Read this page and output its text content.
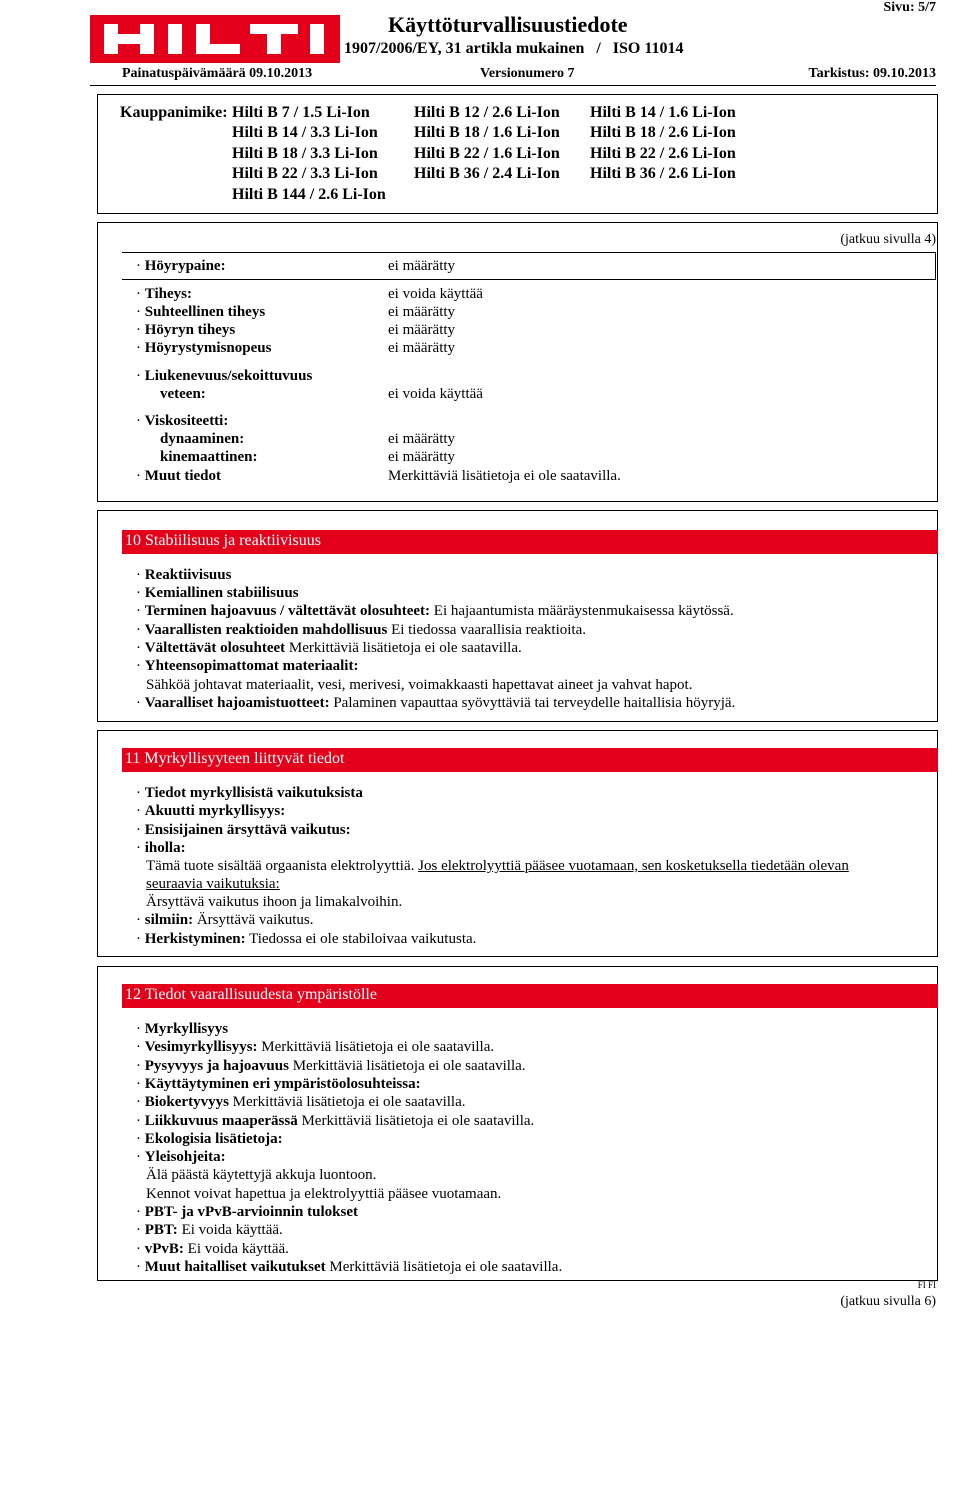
Käyttöturvallisuustiedote
1907/2006/EY, 31 artikla mukainen   /   ISO 11014
Sivu: 5/7
Painatuspäivämäärä 09.10.2013	Versionumero 7	Tarkistus: 09.10.2013
Kauppanimike: Hilti B 7 / 1.5 Li-Ion	Hilti B 12 / 2.6 Li-Ion Hilti B 14 / 1.6 Li-Ion
Hilti B 14 / 3.3 Li-Ion Hilti B 18 / 1.6 Li-Ion Hilti B 18 / 2.6 Li-Ion
Hilti B 18 / 3.3 Li-Ion Hilti B 22 / 1.6 Li-Ion Hilti B 22 / 2.6 Li-Ion
Hilti B 22 / 3.3 Li-Ion Hilti B 36 / 2.4 Li-Ion Hilti B 36 / 2.6 Li-Ion
Hilti B 144 / 2.6 Li-Ion
(jatkuu sivulla 4)
· Höyrypaine:	ei määrätty
· Tiheys:	ei voida käyttää
· Suhteellinen tiheys	ei määrätty
· Höyryn tiheys	ei määrätty
· Höyrystymisnopeus	ei määrätty
· Liukenevuus/sekoittuvuus
veteen:	ei voida käyttää
· Viskositeetti:
dynaaminen:	ei määrätty
kinemaattinen:	ei määrätty
· Muut tiedot	Merkittäviä lisätietoja ei ole saatavilla.
10 Stabiilisuus ja reaktiivisuus
· Reaktiivisuus
· Kemiallinen stabiilisuus
· Terminen hajoavuus / vältettävät olosuhteet: Ei hajaantumista määräystenmukaisessa käytössä.
· Vaarallisten reaktioiden mahdollisuus Ei tiedossa vaarallisia reaktioita.
· Vältettävät olosuhteet Merkittäviä lisätietoja ei ole saatavilla.
· Yhteensopimattomat materiaalit:
Sähköä johtavat materiaalit, vesi, merivesi, voimakkaasti hapettavat aineet ja vahvat hapot.
· Vaaralliset hajoamistuotteet: Palaminen vapauttaa syövyttäviä tai terveydelle haitallisia höyryjä.
11 Myrkyllisyyteen liittyvät tiedot
· Tiedot myrkyllisistä vaikutuksista
· Akuutti myrkyllisyys:
· Ensisijainen ärsyttävä vaikutus:
· iholla:
Tämä tuote sisältää orgaanista elektrolyyttiä. Jos elektrolyyttiä pääsee vuotamaan, sen kosketuksella tiedetään olevan
seuraavia vaikutuksia:
Ärsyttävä vaikutus ihoon ja limakalvoihin.
· silmiin: Ärsyttävä vaikutus.
· Herkistyminen: Tiedossa ei ole stabiloivaa vaikutusta.
12 Tiedot vaarallisuudesta ympäristölle
· Myrkyllisyys
· Vesimyrkyllisyys: Merkittäviä lisätietoja ei ole saatavilla.
· Pysyvyys ja hajoavuus Merkittäviä lisätietoja ei ole saatavilla.
· Käyttäytyminen eri ympäristöolosuhteissa:
· Biokertyvyys Merkittäviä lisätietoja ei ole saatavilla.
· Liikkuvuus maaperässä Merkittäviä lisätietoja ei ole saatavilla.
· Ekologisia lisätietoja:
· Yleisohjeita:
Älä päästä käytettyjä akkuja luontoon.
Kennot voivat hapettua ja elektrolyyttiä pääsee vuotamaan.
· PBT- ja vPvB-arvioinnin tulokset
· PBT: Ei voida käyttää.
· vPvB: Ei voida käyttää.
· Muut haitalliset vaikutukset Merkittäviä lisätietoja ei ole saatavilla.
FI FI
(jatkuu sivulla 6)
